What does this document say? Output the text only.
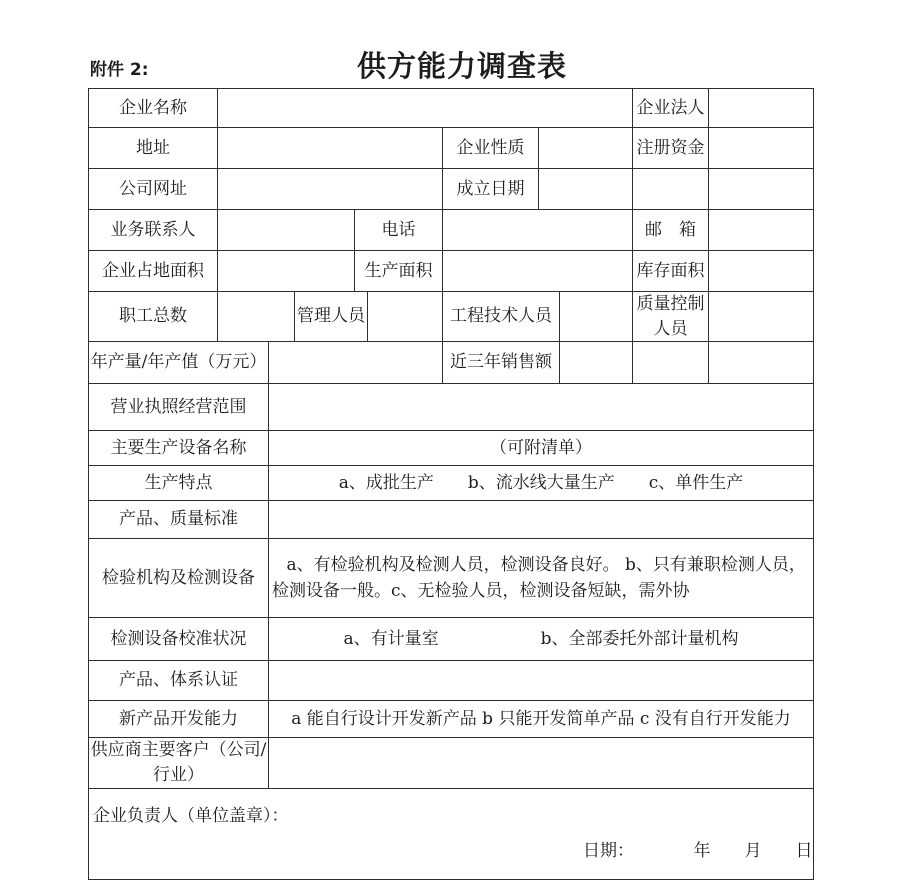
附件 2:	供方能力调查表
企业名称									企业法人	
地址						企业性质			注册资金	
公司网址						成立日期				
业务联系人				电话					邮　箱	
企业占地面积				生产面积					库存面积	
职工总数			管理人员			工程技术人员			质量控制人员	
年产量/年产值（万元）						近三年销售额				
营业执照经营范围										
主要生产设备名称		（可附清单）								
生产特点		a、成批生产　　b、流水线大量生产　　c、单件生产								
产品、质量标准										
检验机构及检测设备		a、有检验机构及检测人员，检测设备良好。 b、只有兼职检测人员，
检测设备一般。c、无检验人员，检测设备短缺，需外协								

检测设备校准状况		a、有计量室　　　　　　b、全部委托外部计量机构								
产品、体系认证										
新产品开发能力		a 能自行设计开发新产品 b 只能开发简单产品 c 没有自行开发能力								
供应商主要客户（公司/行业）										

企业负责人（单位盖章）：
日期：　　　　年　　月　　日										
